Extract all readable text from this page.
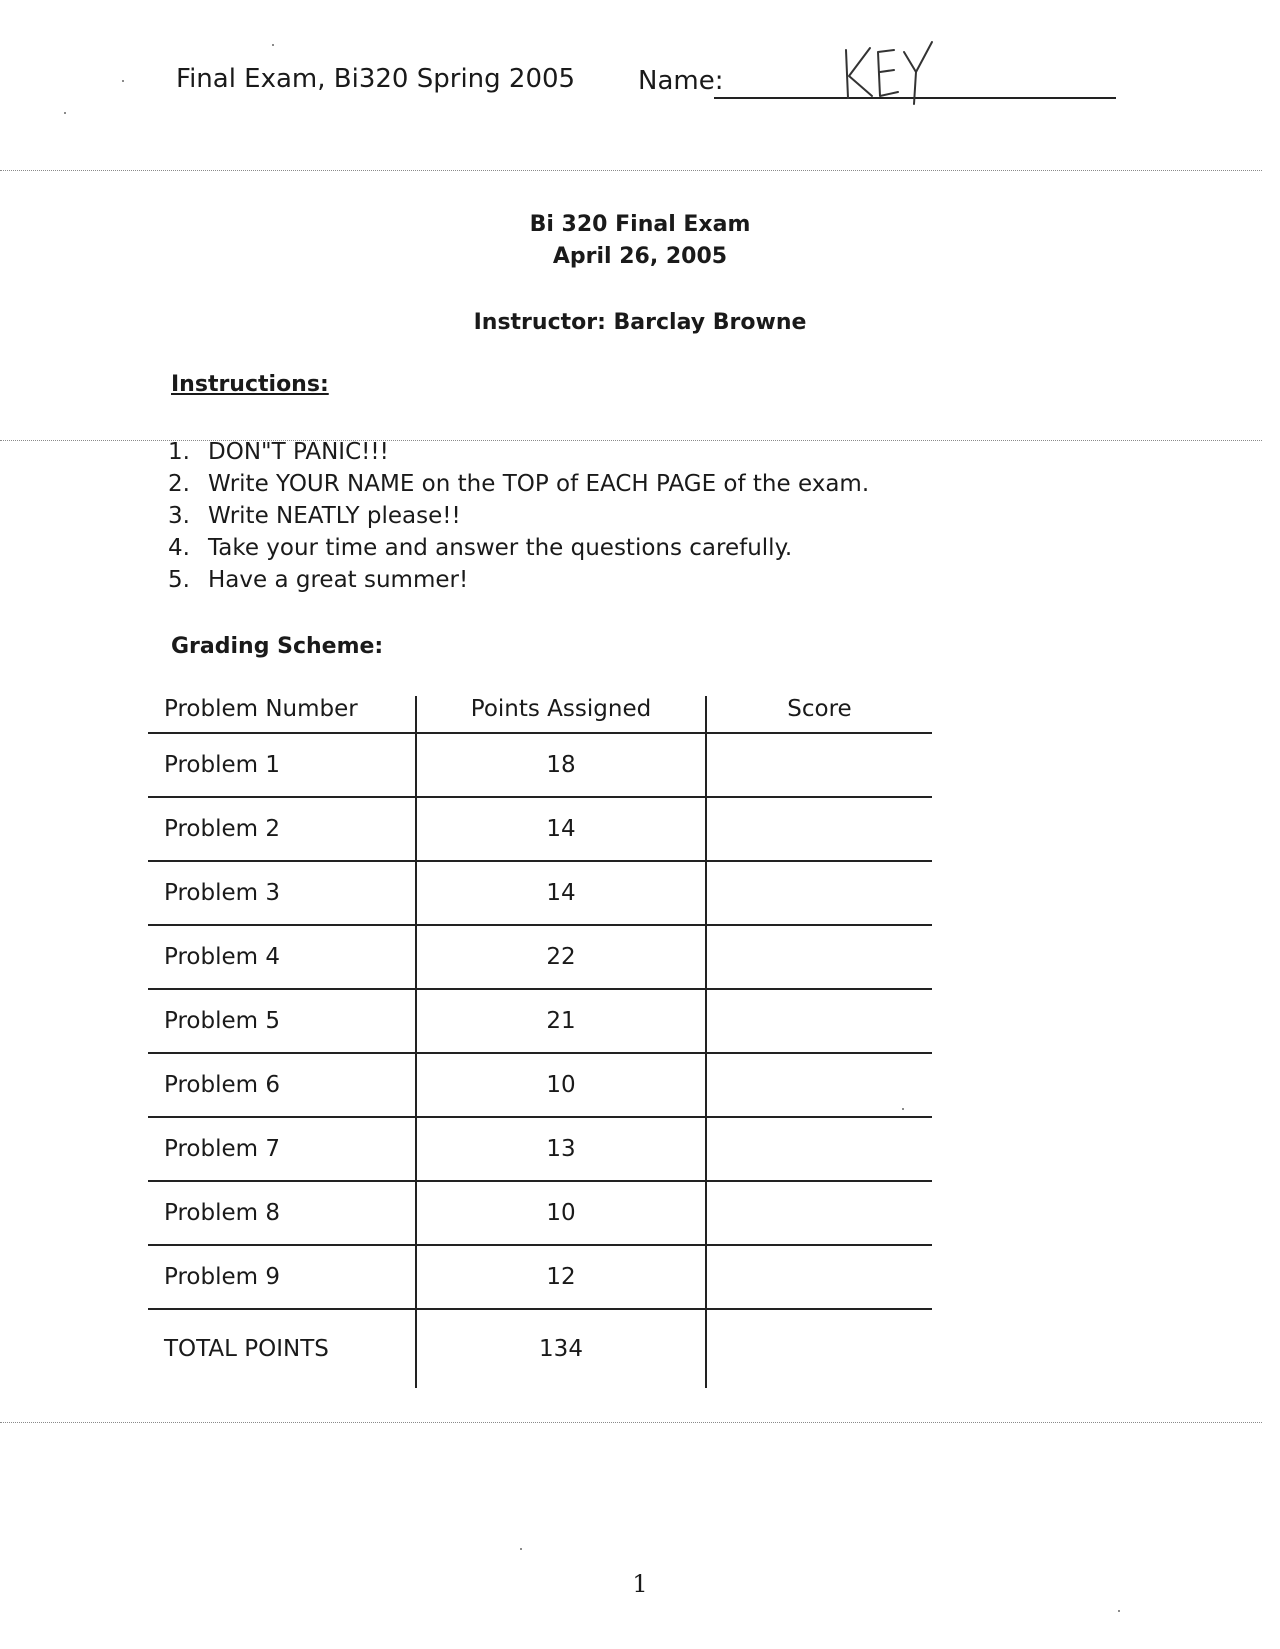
Final Exam, Bi320 Spring 2005 Name:
Bi 320 Final Exam
April 26, 2005
Instructor: Barclay Browne
Instructions:
1. DON"T PANIC!!!
2. Write YOUR NAME on the TOP of EACH PAGE of the exam.
3. Write NEATLY please!!
4. Take your time and answer the questions carefully.
5. Have a great summer!
Grading Scheme:
Problem Number	Points Assigned	Score
Problem 1	18	
Problem 2	14	
Problem 3	14	
Problem 4	22	
Problem 5	21	
Problem 6	10	
Problem 7	13	
Problem 8	10	
Problem 9	12	
TOTAL POINTS	134	
1
